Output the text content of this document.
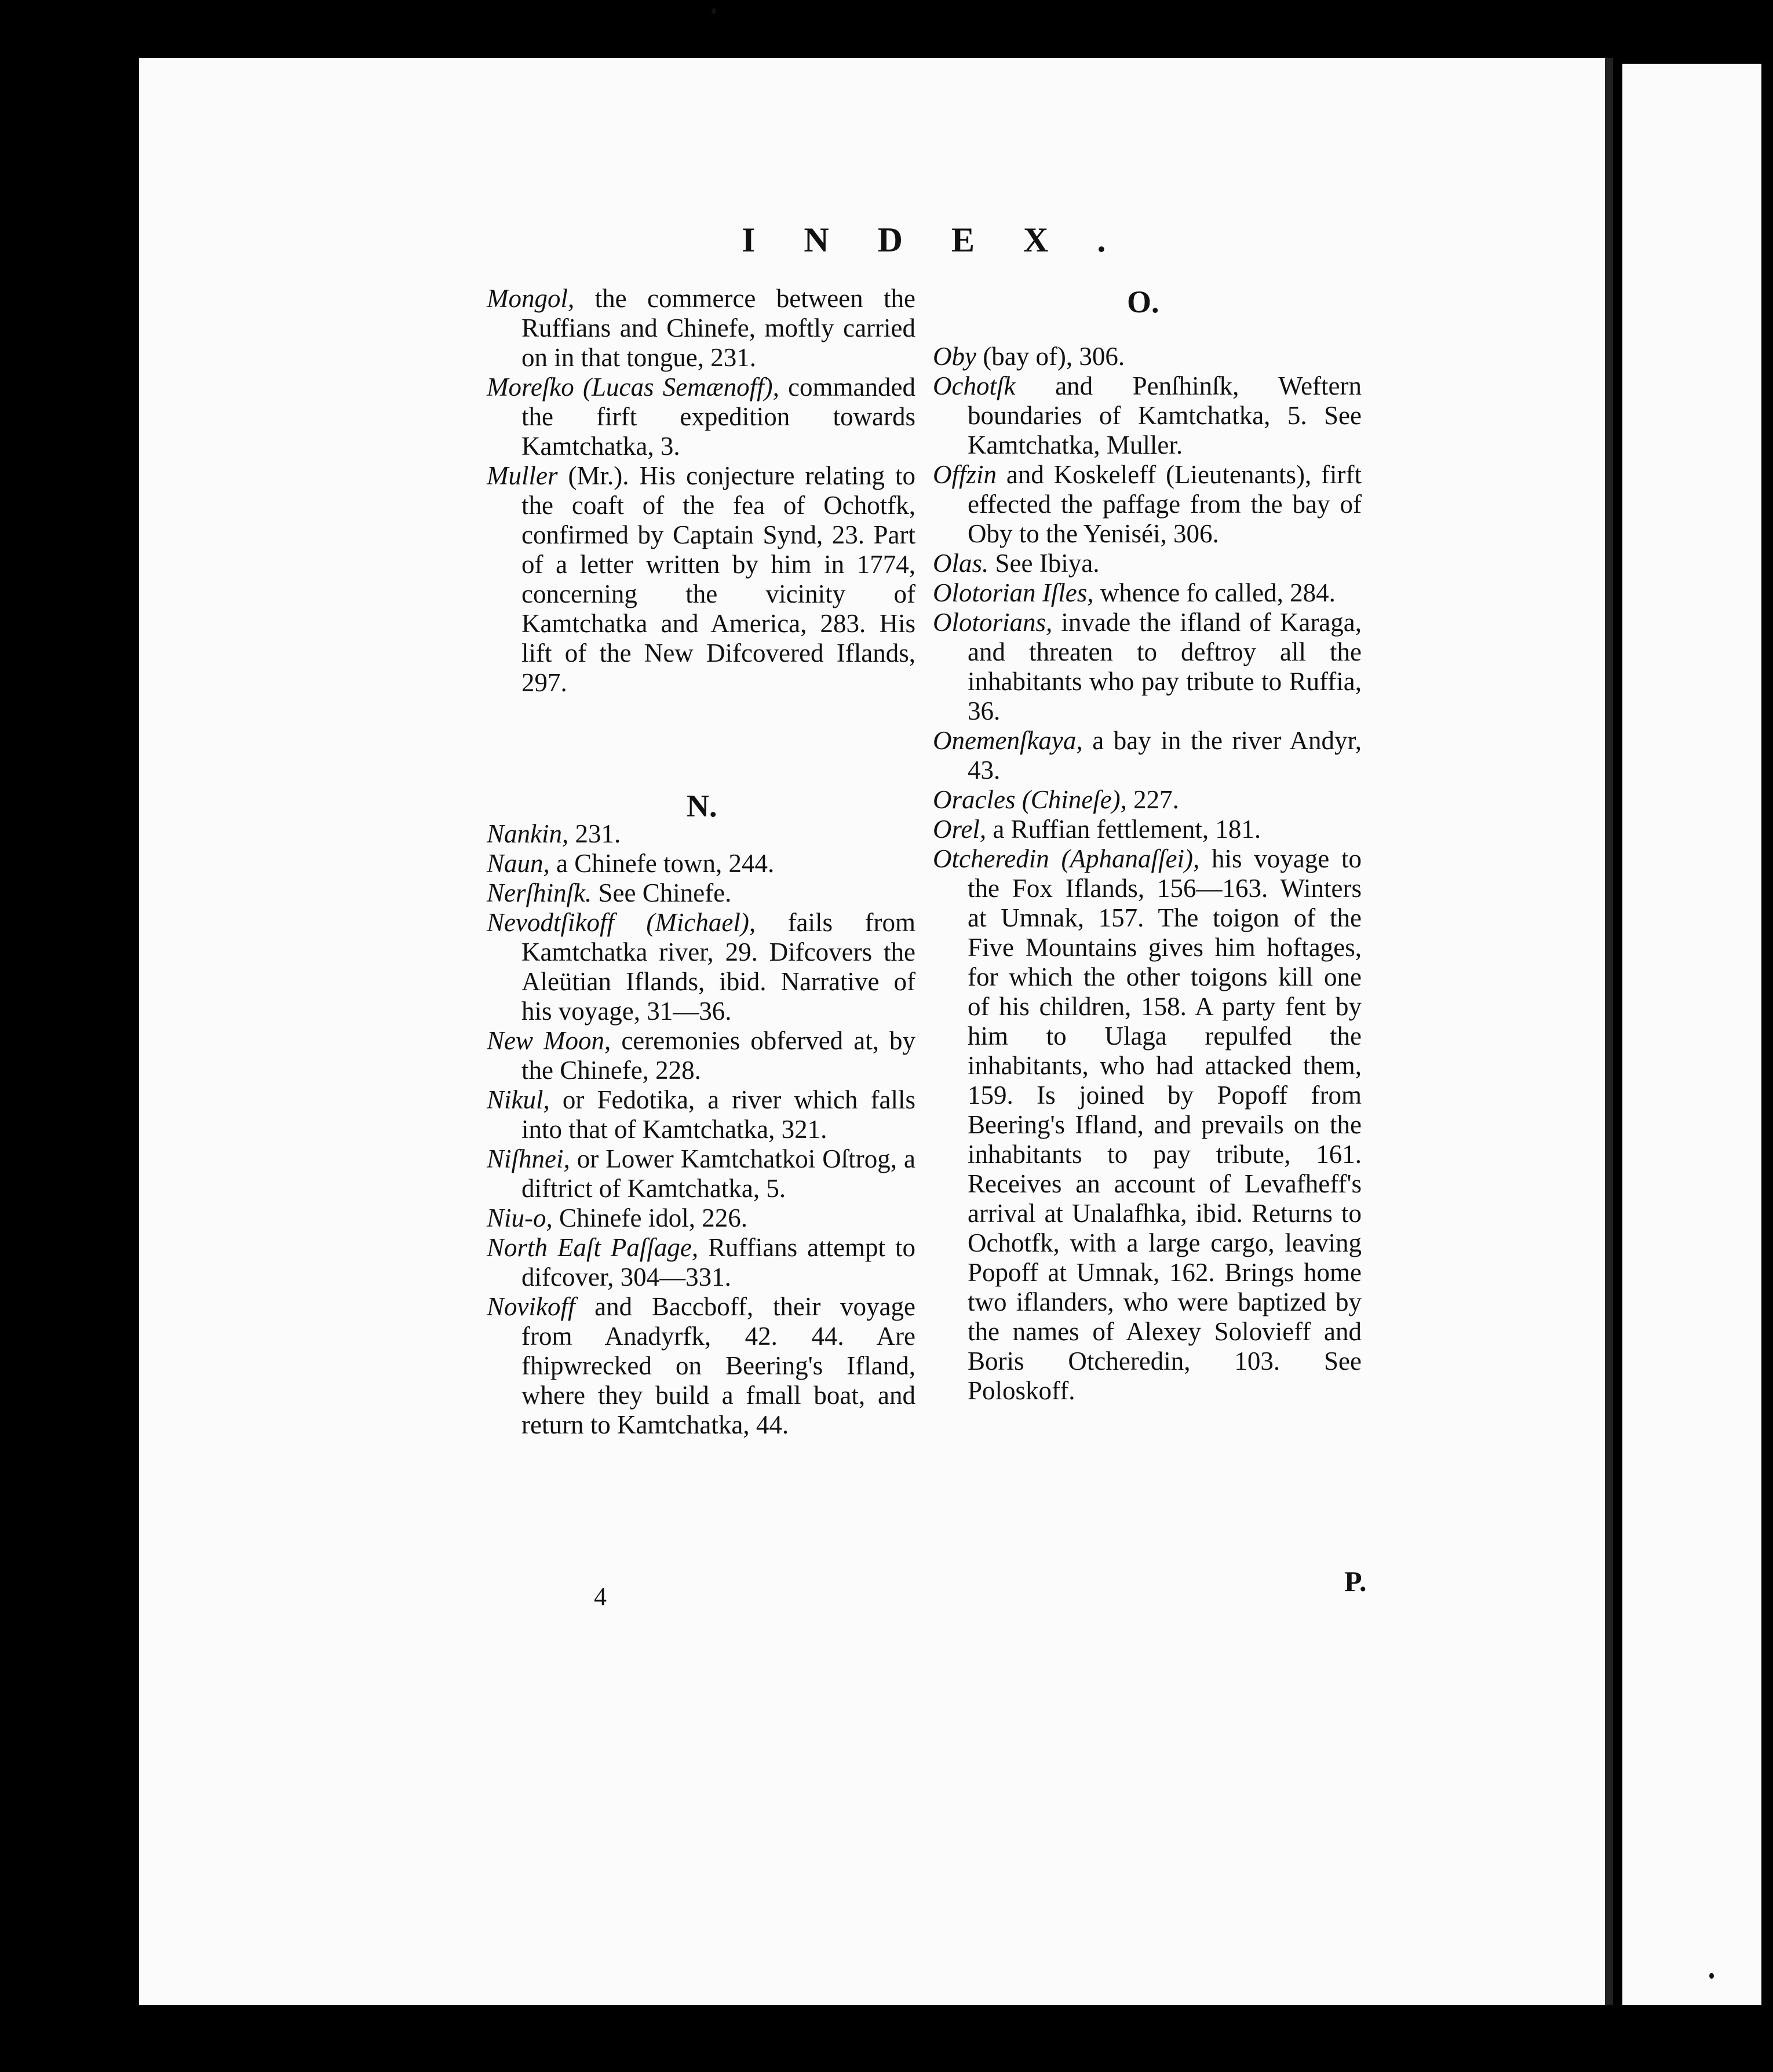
INDEX.
O.
N.
Mongol, the commerce between the Ruffians and Chinefe, moftly carried on in that tongue, 231.
Moreſko (Lucas Semænoff), commanded the firft expedition towards Kamtchatka, 3.
Muller (Mr.). His conjecture relating to the coaft of the fea of Ochotfk, confirmed by Captain Synd, 23. Part of a letter written by him in 1774, concerning the vicinity of Kamtchatka and America, 283. His lift of the New Difcovered Iflands, 297.
Nankin, 231.
Naun, a Chinefe town, 244.
Nerſhinſk. See Chinefe.
Nevodtſikoff (Michael), fails from Kamtchatka river, 29. Difcovers the Aleütian Iflands, ibid. Narrative of his voyage, 31—36.
New Moon, ceremonies obferved at, by the Chinefe, 228.
Nikul, or Fedotika, a river which falls into that of Kamtchatka, 321.
Niſhnei, or Lower Kamtchatkoi Oſtrog, a diftrict of Kamtchatka, 5.
Niu-o, Chinefe idol, 226.
North Eaſt Paſſage, Ruffians attempt to difcover, 304—331.
Novikoff and Baccboff, their voyage from Anadyrfk, 42. 44. Are fhipwrecked on Beering's Ifland, where they build a fmall boat, and return to Kamtchatka, 44.
Oby (bay of), 306.
Ochotſk and Penſhinſk, Weftern boundaries of Kamtchatka, 5. See Kamtchatka, Muller.
Offzin and Koskeleff (Lieutenants), firft effected the paffage from the bay of Oby to the Yeniséi, 306.
Olas. See Ibiya.
Olotorian Iſles, whence fo called, 284.
Olotorians, invade the ifland of Karaga, and threaten to deftroy all the inhabitants who pay tribute to Ruffia, 36.
Onemenſkaya, a bay in the river Andyr, 43.
Oracles (Chineſe), 227.
Orel, a Ruffian fettlement, 181.
Otcheredin (Aphanaſſei), his voyage to the Fox Iflands, 156—163. Winters at Umnak, 157. The toigon of the Five Mountains gives him hoftages, for which the other toigons kill one of his children, 158. A party fent by him to Ulaga repulfed the inhabitants, who had attacked them, 159. Is joined by Popoff from Beering's Ifland, and prevails on the inhabitants to pay tribute, 161. Receives an account of Levafheff's arrival at Unalafhka, ibid. Returns to Ochotfk, with a large cargo, leaving Popoff at Umnak, 162. Brings home two iflanders, who were baptized by the names of Alexey Solovieff and Boris Otcheredin, 103. See Poloskoff.
4	P.
